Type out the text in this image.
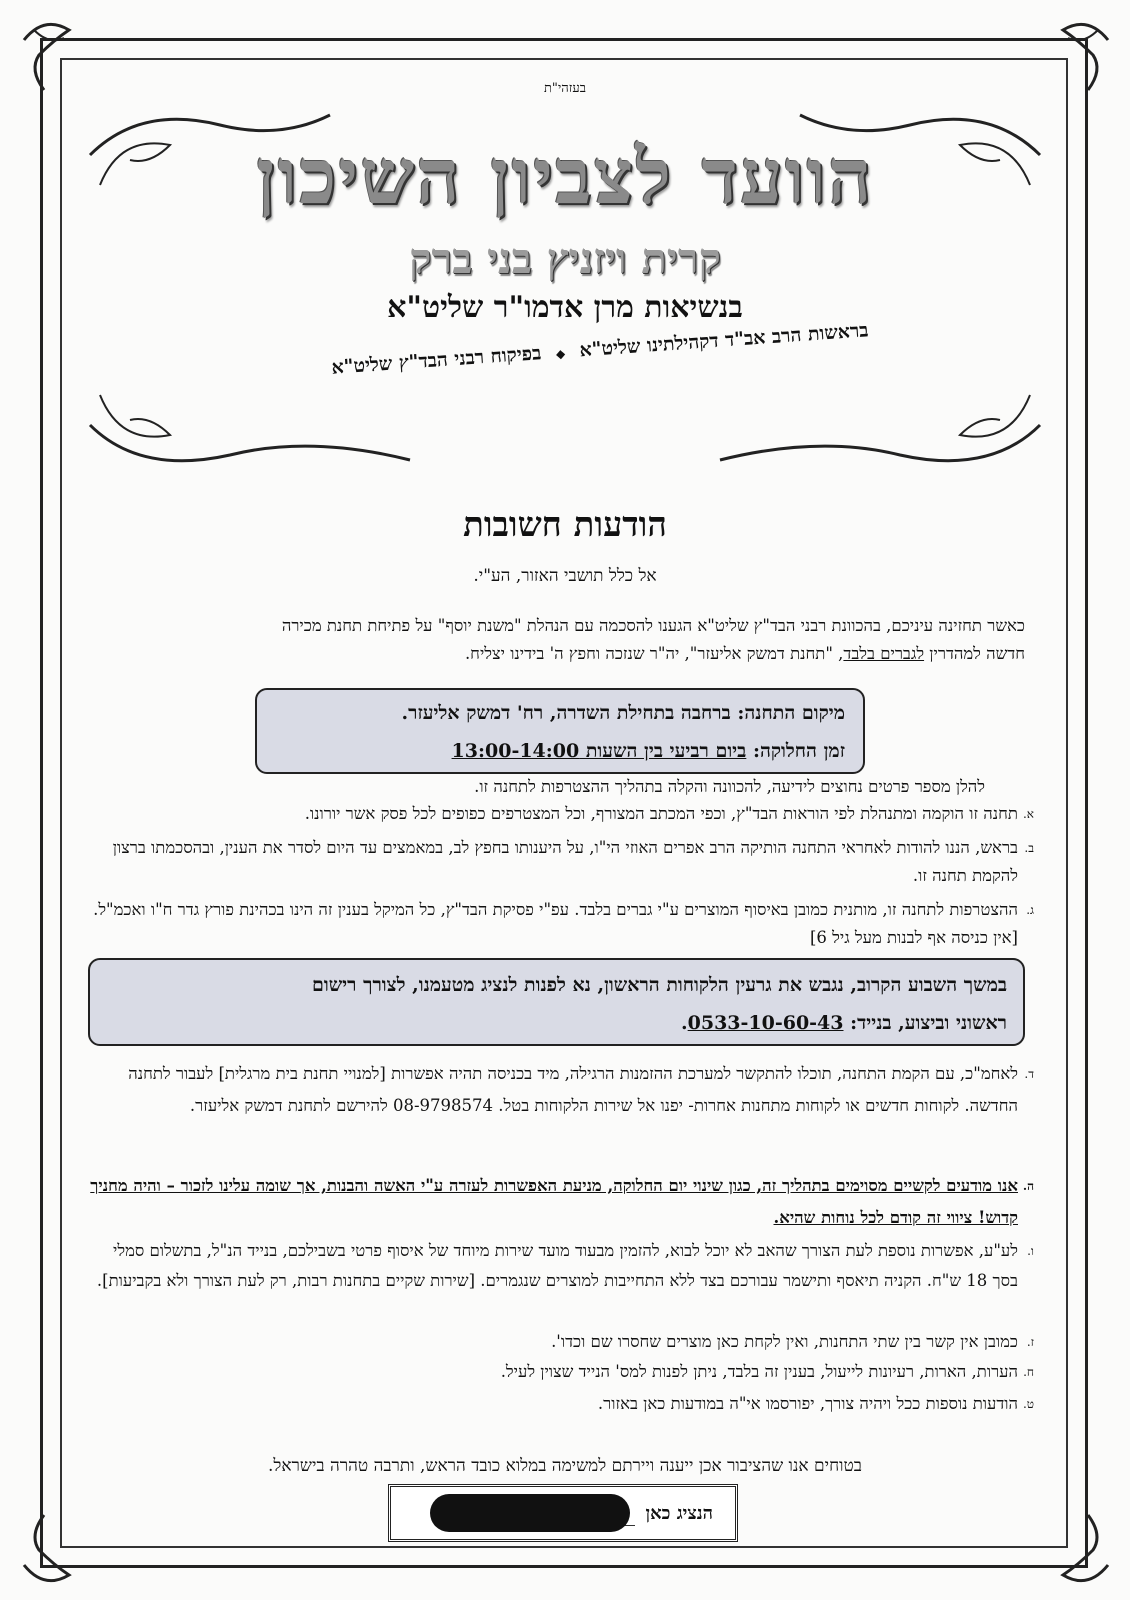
בעזהי"ת
הוועד לצביון השיכון
קרית ויזניץ בני ברק
בנשיאות מרן אדמו"ר שליט"א
בראשות הרב אב"ד דקהילתינו שליט"א ◆ בפיקוח רבני הבד"ץ שליט"א
הודעות חשובות
אל כלל תושבי האזור, הע"י.
כאשר תחזינה עיניכם, בהכוונת רבני הבד"ץ שליט"א הגענו להסכמה עם הנהלת "משנת יוסף" על פתיחת תחנת מכירה
חדשה למהדרין לגברים בלבד, "תחנת דמשק אליעזר", יה"ר שנזכה וחפץ ה' בידינו יצליח.
מיקום התחנה: ברחבה בתחילת השדרה, רח' דמשק אליעזר.
זמן החלוקה: ביום רביעי בין השעות 13:00-14:00
להלן מספר פרטים נחוצים לידיעה, להכוונה והקלה בתהליך ההצטרפות לתחנה זו.
א.
תחנה זו הוקמה ומתנהלת לפי הוראות הבד"ץ, וכפי המכתב המצורף, וכל המצטרפים כפופים לכל פסק אשר יורונו.
ב.
בראש, הננו להודות לאחראי התחנה הותיקה הרב אפרים האוזי הי"ו, על היענותו בחפץ לב, במאמצים עד היום לסדר את הענין, ובהסכמתו ברצון להקמת תחנה זו.
ג.
ההצטרפות לתחנה זו, מותנית כמובן באיסוף המוצרים ע"י גברים בלבד. עפ"י פסיקת הבד"ץ, כל המיקל בענין זה הינו בכהינת פורץ גדר ח"ו ואכמ"ל. [אין כניסה אף לבנות מעל גיל 6]
במשך השבוע הקרוב, נגבש את גרעין הלקוחות הראשון, נא לפנות לנציג מטעמנו, לצורך רישום
ראשוני וביצוע, בנייד: 0533-10-60-43.
ד.
לאחמ"כ, עם הקמת התחנה, תוכלו להתקשר למערכת ההזמנות הרגילה, מיד בכניסה תהיה אפשרות [למנויי תחנת בית מרגלית] לעבור לתחנה החדשה. לקוחות חדשים או לקוחות מתחנות אחרות- יפנו אל שירות הלקוחות בטל. 08-9798574 להירשם לתחנת דמשק אליעזר.
ה.
אנו מודעים לקשיים מסוימים בתהליך זה, כגון שינוי יום החלוקה, מניעת האפשרות לעזרה ע"י האשה והבנות, אך שומה עלינו לזכור – והיה מחניך קדוש! ציווי זה קודם לכל נוחות שהיא.
ו.
לע"ע, אפשרות נוספת לעת הצורך שהאב לא יוכל לבוא, להזמין מבעוד מועד שירות מיוחד של איסוף פרטי בשבילכם, בנייד הנ"ל, בתשלום סמלי בסך 18 ש"ח. הקניה תיאסף ותישמר עבורכם בצד ללא התחייבות למוצרים שנגמרים. [שירות שקיים בתחנות רבות, רק לעת הצורך ולא בקביעות].
ז.
כמובן אין קשר בין שתי התחנות, ואין לקחת כאן מוצרים שחסרו שם וכדו'.
ח.
הערות, הארות, רעיונות לייעול, בענין זה בלבד, ניתן לפנות למס' הנייד שצוין לעיל.
ט.
הודעות נוספות ככל ויהיה צורך, יפורסמו אי"ה במודעות כאן באזור.
בטוחים אנו שהציבור אכן ייענה ויירתם למשימה במלוא כובד הראש, ותרבה טהרה בישראל.
הנציג כאן
